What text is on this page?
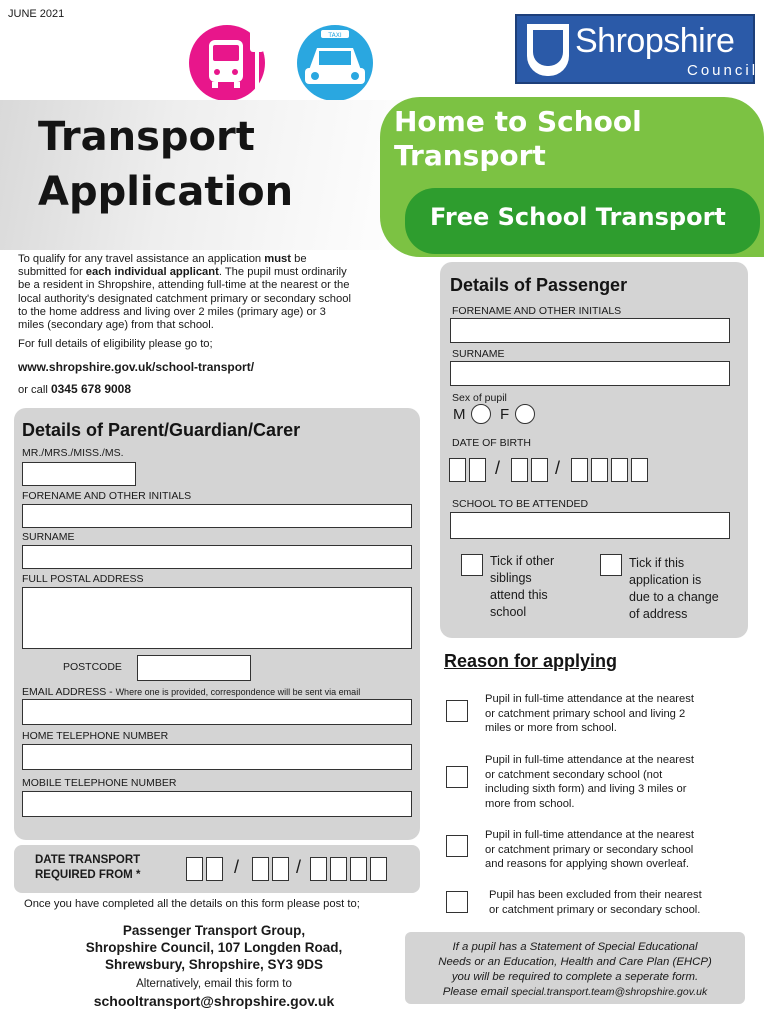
JUNE 2021
TAXI	Shropshire
Council
Transport
Application
Home to School
Transport
Free School Transport
To qualify for any travel assistance an application must be
submitted for each individual applicant. The pupil must ordinarily
be a resident in Shropshire, attending full-time at the nearest or the
local authority's designated catchment primary or secondary school
to the home address and living over 2 miles (primary age) or 3
miles (secondary age) from that school.
For full details of eligibility please go to;
www.shropshire.gov.uk/school-transport/
or call 0345 678 9008
Details of Parent/Guardian/Carer
MR./MRS./MISS./MS.
FORENAME AND OTHER INITIALS
SURNAME
FULL POSTAL ADDRESS
POSTCODE
EMAIL ADDRESS - Where one is provided, correspondence will be sent via email
HOME TELEPHONE NUMBER
MOBILE TELEPHONE NUMBER
DATE TRANSPORT
REQUIRED FROM *	/	/
Once you have completed all the details on this form please post to;
Passenger Transport Group,
Shropshire Council, 107 Longden Road,
Shrewsbury, Shropshire, SY3 9DS
Alternatively, email this form to
schooltransport@shropshire.gov.uk
Details of Passenger
FORENAME AND OTHER INITIALS
SURNAME
Sex of pupil
M F
DATE OF BIRTH
/	/
SCHOOL TO BE ATTENDED
Tick if other
siblings
attend this
school
Tick if this
application is
due to a change
of address
Reason for applying
Pupil in full-time attendance at the nearest
or catchment primary school and living 2
miles or more from school.
Pupil in full-time attendance at the nearest
or catchment secondary school (not
including sixth form) and living 3 miles or
more from school.
Pupil in full-time attendance at the nearest
or catchment primary or secondary school
and reasons for applying shown overleaf.
Pupil has been excluded from their nearest
or catchment primary or secondary school.
If a pupil has a Statement of Special Educational
Needs or an Education, Health and Care Plan (EHCP)
you will be required to complete a seperate form.
Please email special.transport.team@shropshire.gov.uk
